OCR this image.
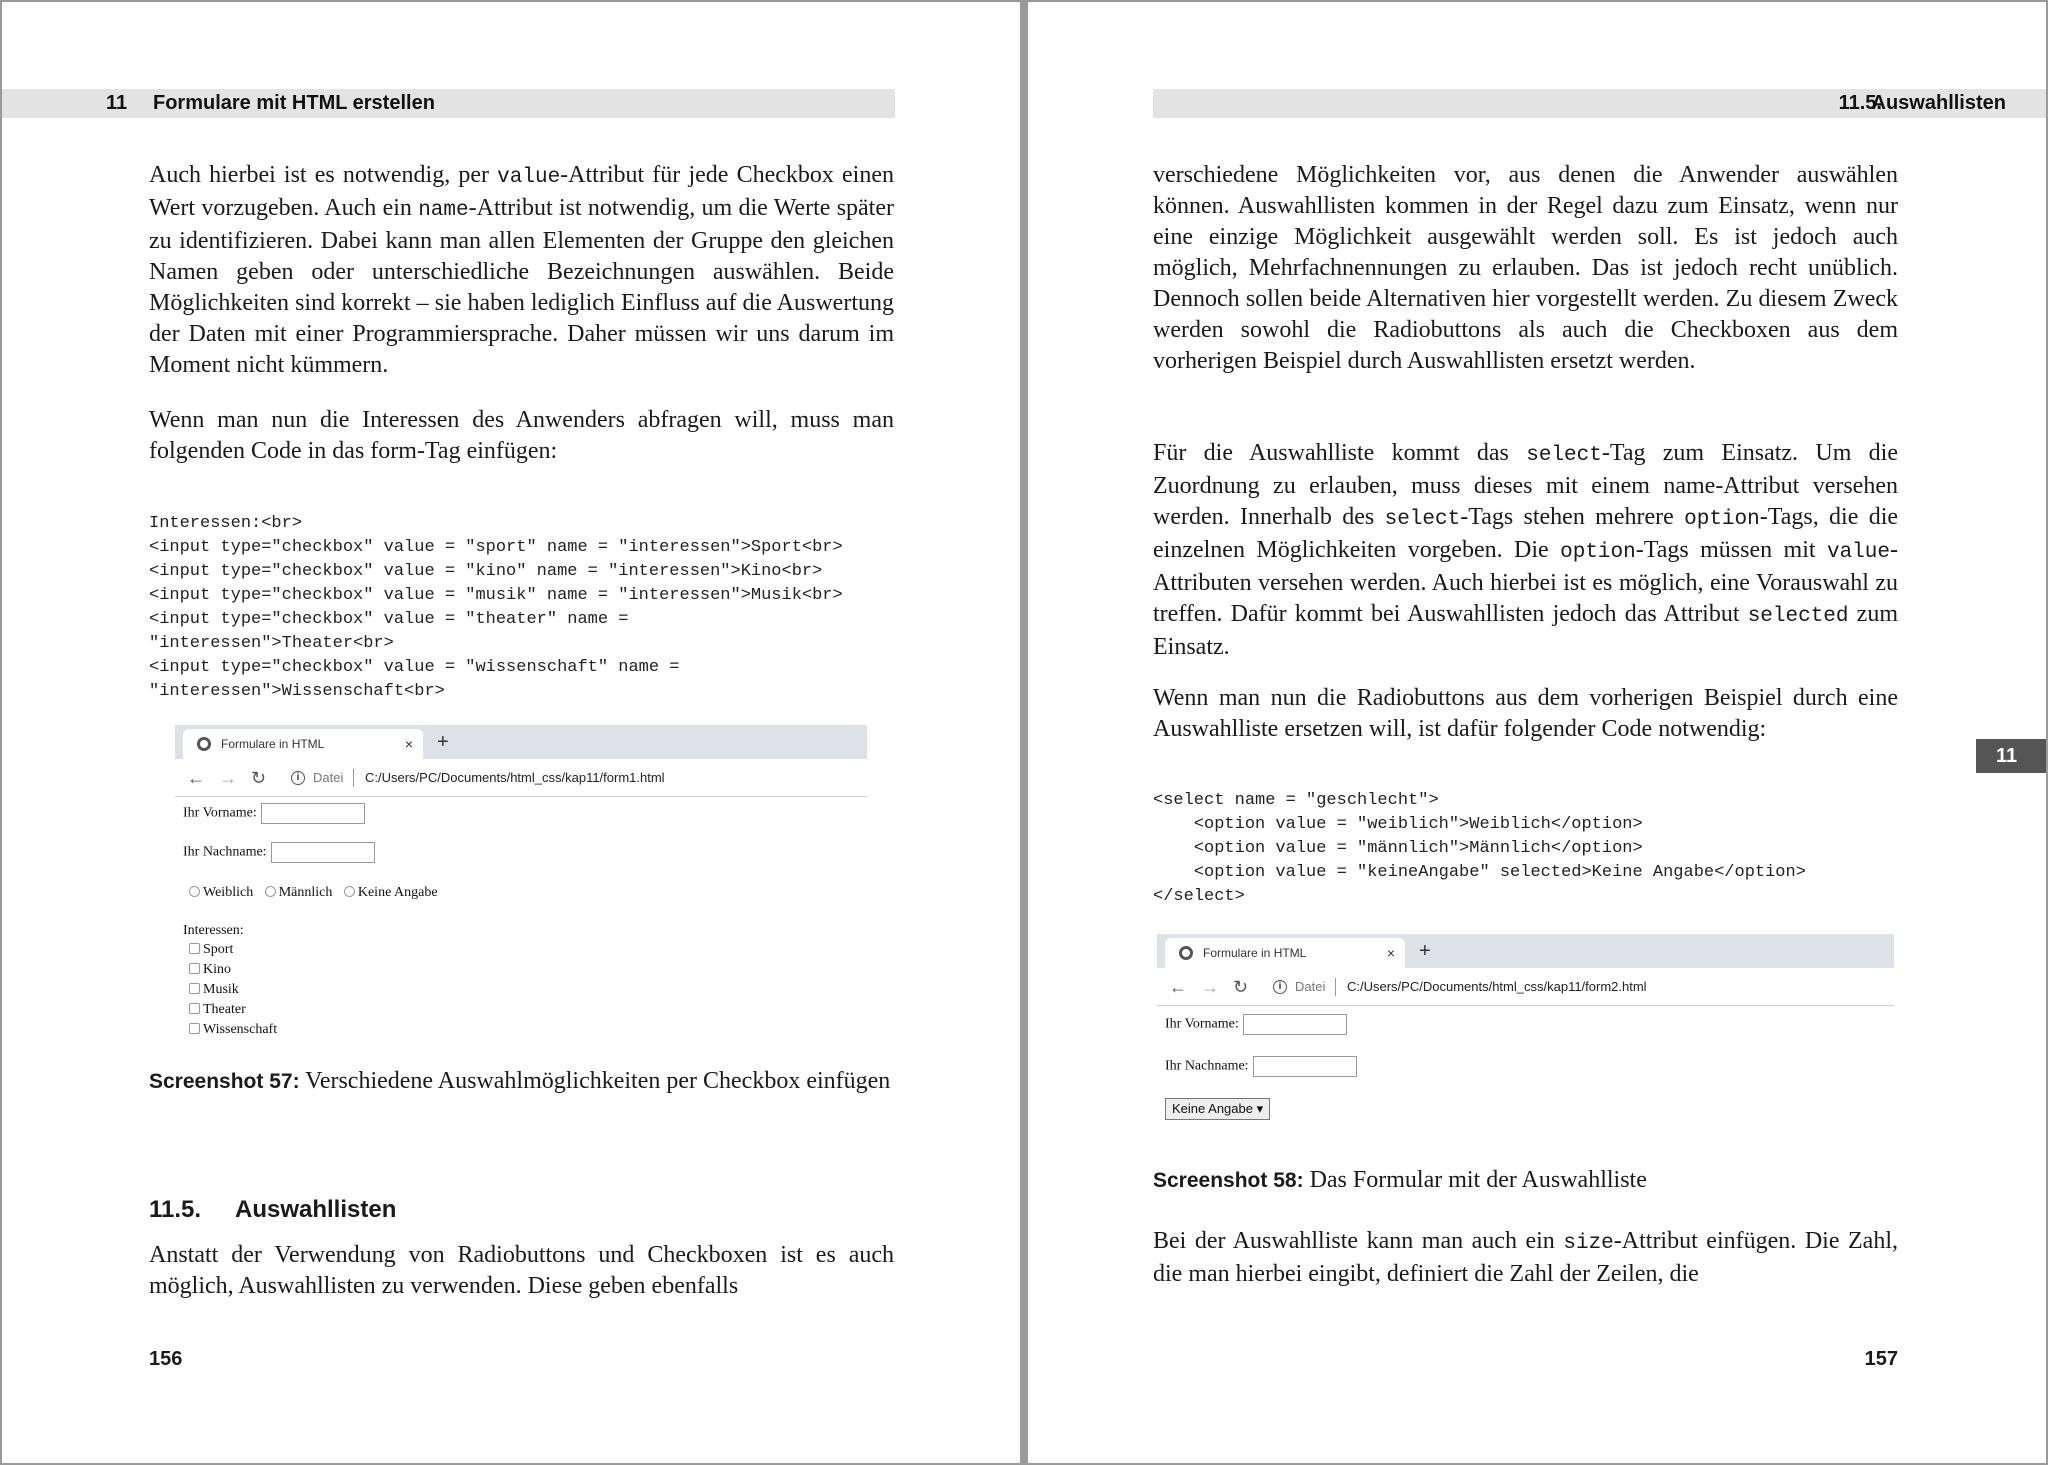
11 Formulare mit HTML erstellen

Auch hierbei ist es notwendig, per value-Attribut für jede Checkbox einen Wert vorzugeben. Auch ein name-Attribut ist notwendig, um die Werte später zu identifizieren. Dabei kann man allen Elementen der Gruppe den gleichen Namen geben oder unterschiedliche Bezeichnungen auswählen. Beide Möglichkeiten sind korrekt – sie haben lediglich Einfluss auf die Auswertung der Daten mit einer Programmiersprache. Daher müssen wir uns darum im Moment nicht kümmern.

Wenn man nun die Interessen des Anwenders abfragen will, muss man folgenden Code in das form-Tag einfügen:

Interessen:<br>
<input type="checkbox" value = "sport" name = "interessen">Sport<br>
<input type="checkbox" value = "kino" name = "interessen">Kino<br>
<input type="checkbox" value = "musik" name = "interessen">Musik<br>
<input type="checkbox" value = "theater" name =
"interessen">Theater<br>
<input type="checkbox" value = "wissenschaft" name =
"interessen">Wissenschaft<br>
Formulare in HTML	× +
← → ↻	i	Datei C:/Users/PC/Documents/html_css/kap11/form1.html
Ihr Vorname:
Ihr Nachname:
Weiblich Männlich Keine Angabe
Interessen:
Sport
Kino
Musik
Theater
Wissenschaft

Screenshot 57: Verschiedene Auswahlmöglichkeiten per Checkbox einfügen

11.5. Auswahllisten

Anstatt der Verwendung von Radiobuttons und Checkboxen ist es auch möglich, Auswahllisten zu verwenden. Diese geben ebenfalls

156
11.5.
Auswahllisten

verschiedene Möglichkeiten vor, aus denen die Anwender auswählen können. Auswahllisten kommen in der Regel dazu zum Einsatz, wenn nur eine einzige Möglichkeit ausgewählt werden soll. Es ist jedoch auch möglich, Mehrfachnennungen zu erlauben. Das ist jedoch recht unüblich. Dennoch sollen beide Alternativen hier vorgestellt werden. Zu diesem Zweck werden sowohl die Radiobuttons als auch die Checkboxen aus dem vorherigen Beispiel durch Auswahllisten ersetzt werden.

Für die Auswahlliste kommt das select-Tag zum Einsatz. Um die Zuordnung zu erlauben, muss dieses mit einem name-Attribut versehen werden. Innerhalb des select-Tags stehen mehrere option-Tags, die die einzelnen Möglichkeiten vorgeben. Die option-Tags müssen mit value-Attributen versehen werden. Auch hierbei ist es möglich, eine Vorauswahl zu treffen. Dafür kommt bei Auswahllisten jedoch das Attribut selected zum Einsatz.

Wenn man nun die Radiobuttons aus dem vorherigen Beispiel durch eine Auswahlliste ersetzen will, ist dafür folgender Code notwendig:

<select name = "geschlecht">
<option value = "weiblich">Weiblich</option>
<option value = "männlich">Männlich</option>
<option value = "keineAngabe" selected>Keine Angabe</option>
</select>
Formulare in HTML	× +
← → ↻	i	Datei C:/Users/PC/Documents/html_css/kap11/form2.html
Ihr Vorname:
Ihr Nachname:
Keine Angabe ▾

Screenshot 58: Das Formular mit der Auswahlliste

Bei der Auswahlliste kann man auch ein size-Attribut einfügen. Die Zahl, die man hierbei eingibt, definiert die Zahl der Zeilen, die

11
157
